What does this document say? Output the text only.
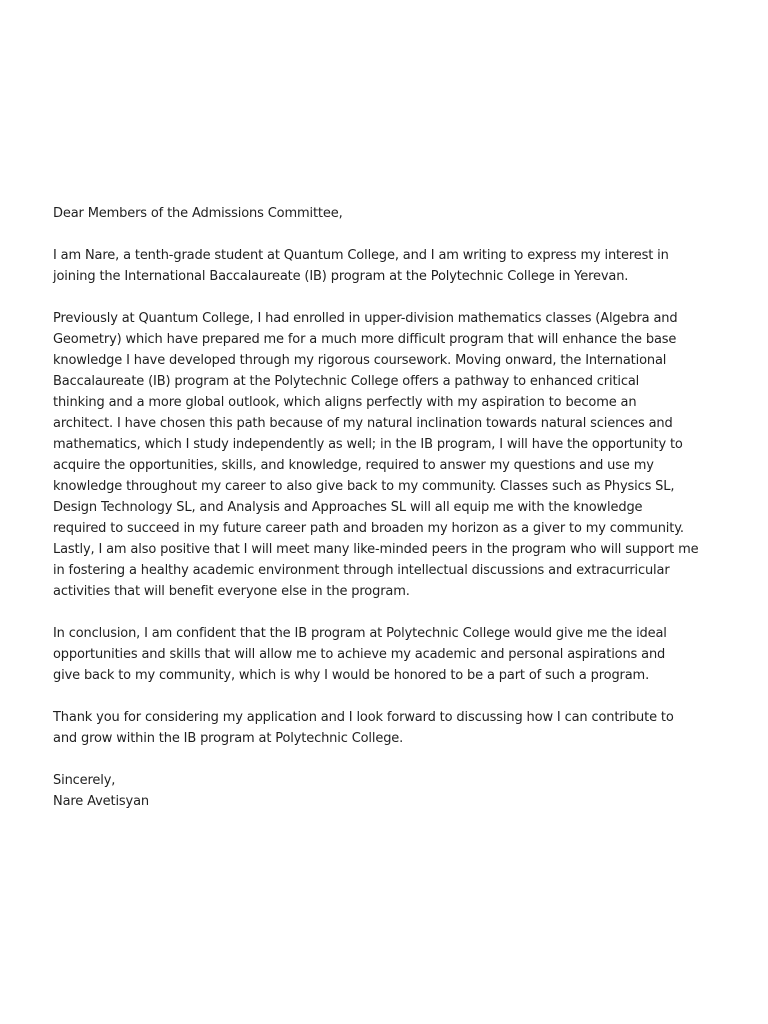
Dear Members of the Admissions Committee,

I am Nare, a tenth-grade student at Quantum College, and I am writing to express my interest in

joining the International Baccalaureate (IB) program at the Polytechnic College in Yerevan.

Previously at Quantum College, I had enrolled in upper-division mathematics classes (Algebra and

Geometry) which have prepared me for a much more difficult program that will enhance the base

knowledge I have developed through my rigorous coursework. Moving onward, the International

Baccalaureate (IB) program at the Polytechnic College offers a pathway to enhanced critical

thinking and a more global outlook, which aligns perfectly with my aspiration to become an

architect. I have chosen this path because of my natural inclination towards natural sciences and

mathematics, which I study independently as well; in the IB program, I will have the opportunity to

acquire the opportunities, skills, and knowledge, required to answer my questions and use my

knowledge throughout my career to also give back to my community. Classes such as Physics SL,

Design Technology SL, and Analysis and Approaches SL will all equip me with the knowledge

required to succeed in my future career path and broaden my horizon as a giver to my community.

Lastly, I am also positive that I will meet many like-minded peers in the program who will support me

in fostering a healthy academic environment through intellectual discussions and extracurricular

activities that will benefit everyone else in the program.

In conclusion, I am confident that the IB program at Polytechnic College would give me the ideal

opportunities and skills that will allow me to achieve my academic and personal aspirations and

give back to my community, which is why I would be honored to be a part of such a program.

Thank you for considering my application and I look forward to discussing how I can contribute to

and grow within the IB program at Polytechnic College.

Sincerely,

Nare Avetisyan
